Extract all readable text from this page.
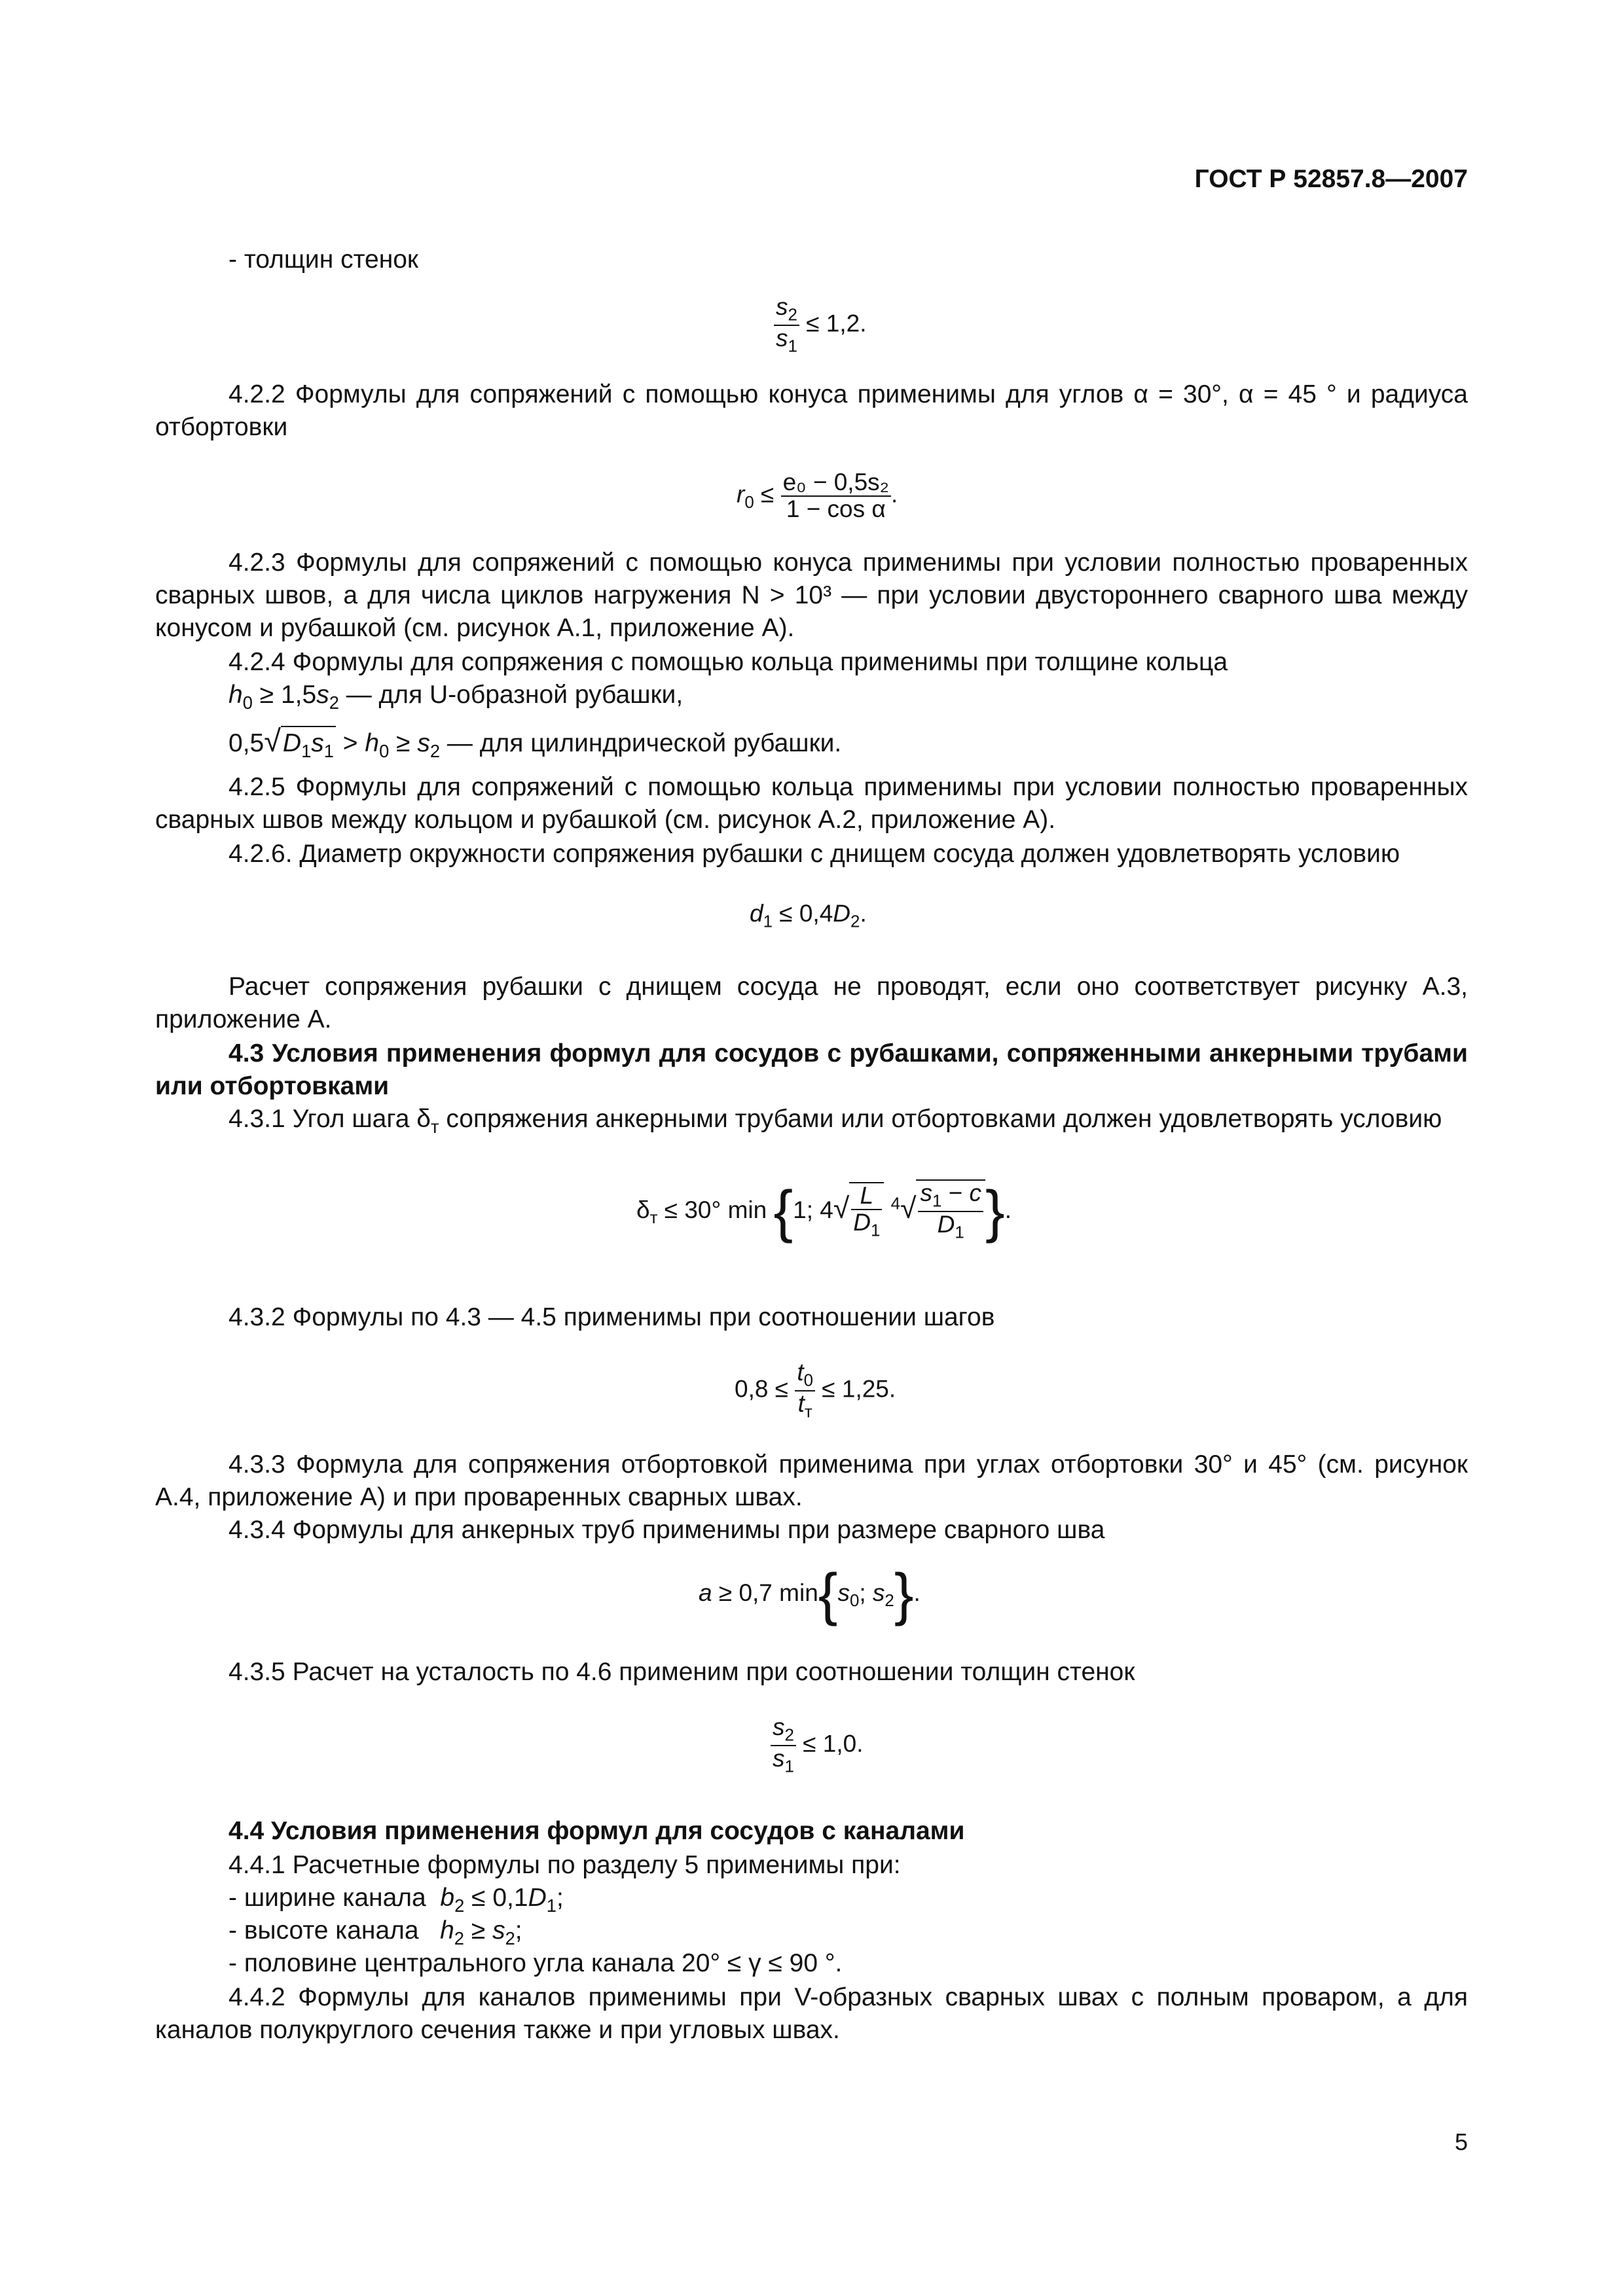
ГОСТ Р 52857.8—2007

- толщин стенок

$\frac{s_2}{s_1} \le 1,2$.

4.2.2 Формулы для сопряжений с помощью конуса применимы для углов α = 30°, α = 45 ° и радиуса отбортовки

$r_0 \le \frac{\text{e₀ − 0,5s₂}}{\text{1 − cos α}}$ .

4.2.3 Формулы для сопряжений с помощью конуса применимы при условии полностью проваренных сварных швов, а для числа циклов нагружения N > 10³ — при условии двустороннего сварного шва между конусом и рубашкой (см. рисунок А.1, приложение А).

4.2.4 Формулы для сопряжения с помощью кольца применимы при толщине кольца

$h_0 \ge 1,5s_2$ — для U-образной рубашки,
$0,5√D_1s_1 > h_0 \ge s_2$ — для цилиндрической рубашки.

4.2.5 Формулы для сопряжений с помощью кольца применимы при условии полностью проваренных сварных швов между кольцом и рубашкой (см. рисунок А.2, приложение А).

4.2.6. Диаметр окружности сопряжения рубашки с днищем сосуда должен удовлетворять условию

$d_1 \le 0,4D_2$.

Расчет сопряжения рубашки с днищем сосуда не проводят, если оно соответствует рисунку А.3, приложение А.

4.3 Условия применения формул для сосудов с рубашками, сопряженными анкерными трубами или отбортовками

4.3.1 Угол шага $\delta_т$ сопряжения анкерными трубами или отбортовками должен удовлетворять условию
$\delta_т \le 30^\circ$ min {1; $4√ \frac{L}{D_1} ^4√ \frac{s_1 - c}{D_1}$ }.

4.3.2 Формулы по 4.3 — 4.5 применимы при соотношении шагов

$0,8 \le \frac{t_0}{t_т} \le 1,25$.

4.3.3 Формула для сопряжения отбортовкой применима при углах отбортовки 30° и 45° (см. рисунок А.4, приложение А) и при проваренных сварных швах.

4.3.4 Формулы для анкерных труб применимы при размере сварного шва

a ≥ 0,7 $\min\{s_0$; $s_2$}.

4.3.5 Расчет на усталость по 4.6 применим при соотношении толщин стенок

$\frac{s_2}{s_1} \le 1,0$.

4.4 Условия применения формул для сосудов с каналами

4.4.1 Расчетные формулы по разделу 5 применимы при:

- ширине канала $b_2 \le 0,1D_1$;
- высоте канала $h_2 \ge s_2$;

- половине центрального угла канала 20° ≤ γ ≤ 90 °.

4.4.2 Формулы для каналов применимы при V-образных сварных швах с полным проваром, а для каналов полукруглого сечения также и при угловых швах.

5
